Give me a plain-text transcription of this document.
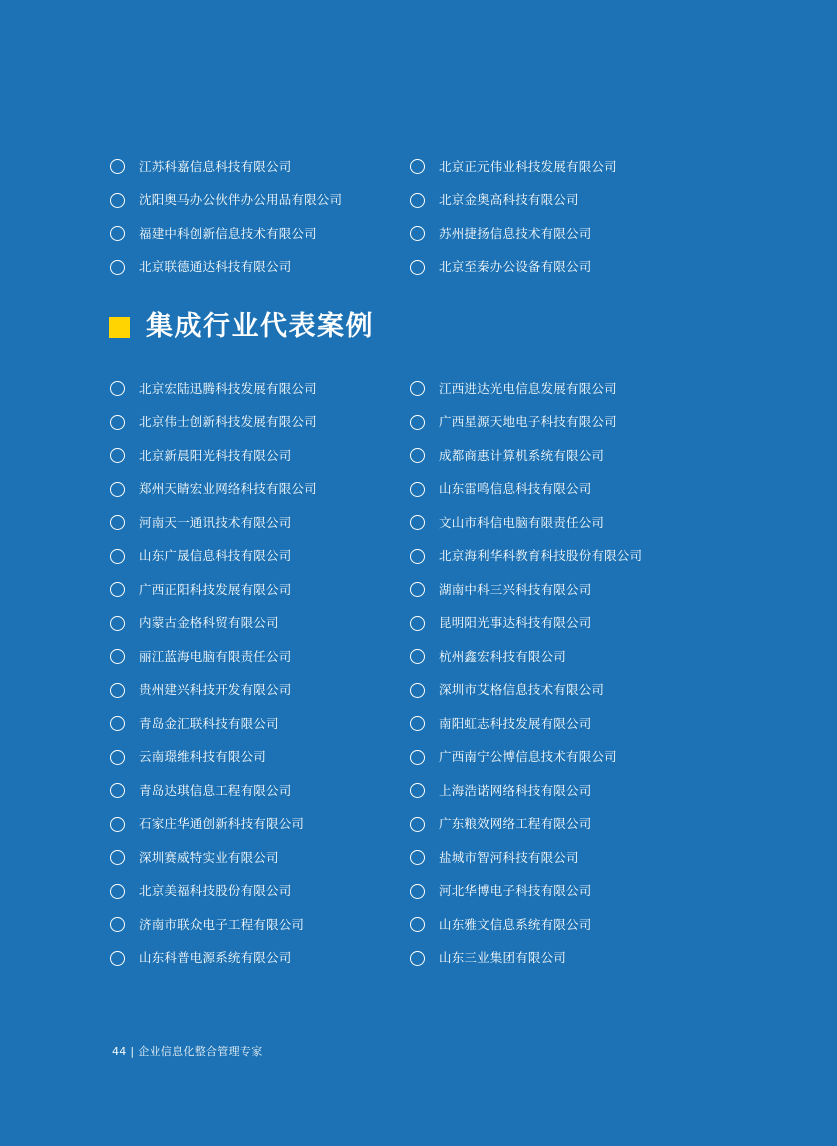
江苏科嘉信息科技有限公司	北京正元伟业科技发展有限公司
沈阳奥马办公伙伴办公用品有限公司	北京金奥高科技有限公司
福建中科创新信息技术有限公司	苏州捷扬信息技术有限公司
北京联德通达科技有限公司	北京至秦办公设备有限公司
集成行业代表案例
北京宏陆迅腾科技发展有限公司	江西进达光电信息发展有限公司
北京伟士创新科技发展有限公司	广西星源天地电子科技有限公司
北京新晨阳光科技有限公司	成都商惠计算机系统有限公司
郑州天睛宏业网络科技有限公司	山东雷鸣信息科技有限公司
河南天一通讯技术有限公司	文山市科信电脑有限责任公司
山东广晟信息科技有限公司	北京海利华科教育科技股份有限公司
广西正阳科技发展有限公司	湖南中科三兴科技有限公司
内蒙古金格科贸有限公司	昆明阳光事达科技有限公司
丽江蓝海电脑有限责任公司	杭州鑫宏科技有限公司
贵州建兴科技开发有限公司	深圳市艾格信息技术有限公司
青岛金汇联科技有限公司	南阳虹志科技发展有限公司
云南璟维科技有限公司	广西南宁公博信息技术有限公司
青岛达琪信息工程有限公司	上海浩诺网络科技有限公司
石家庄华通创新科技有限公司	广东粮效网络工程有限公司
深圳赛威特实业有限公司	盐城市智河科技有限公司
北京美福科技股份有限公司	河北华博电子科技有限公司
济南市联众电子工程有限公司	山东雅文信息系统有限公司
山东科普电源系统有限公司	山东三业集团有限公司
44 | 企业信息化整合管理专家
